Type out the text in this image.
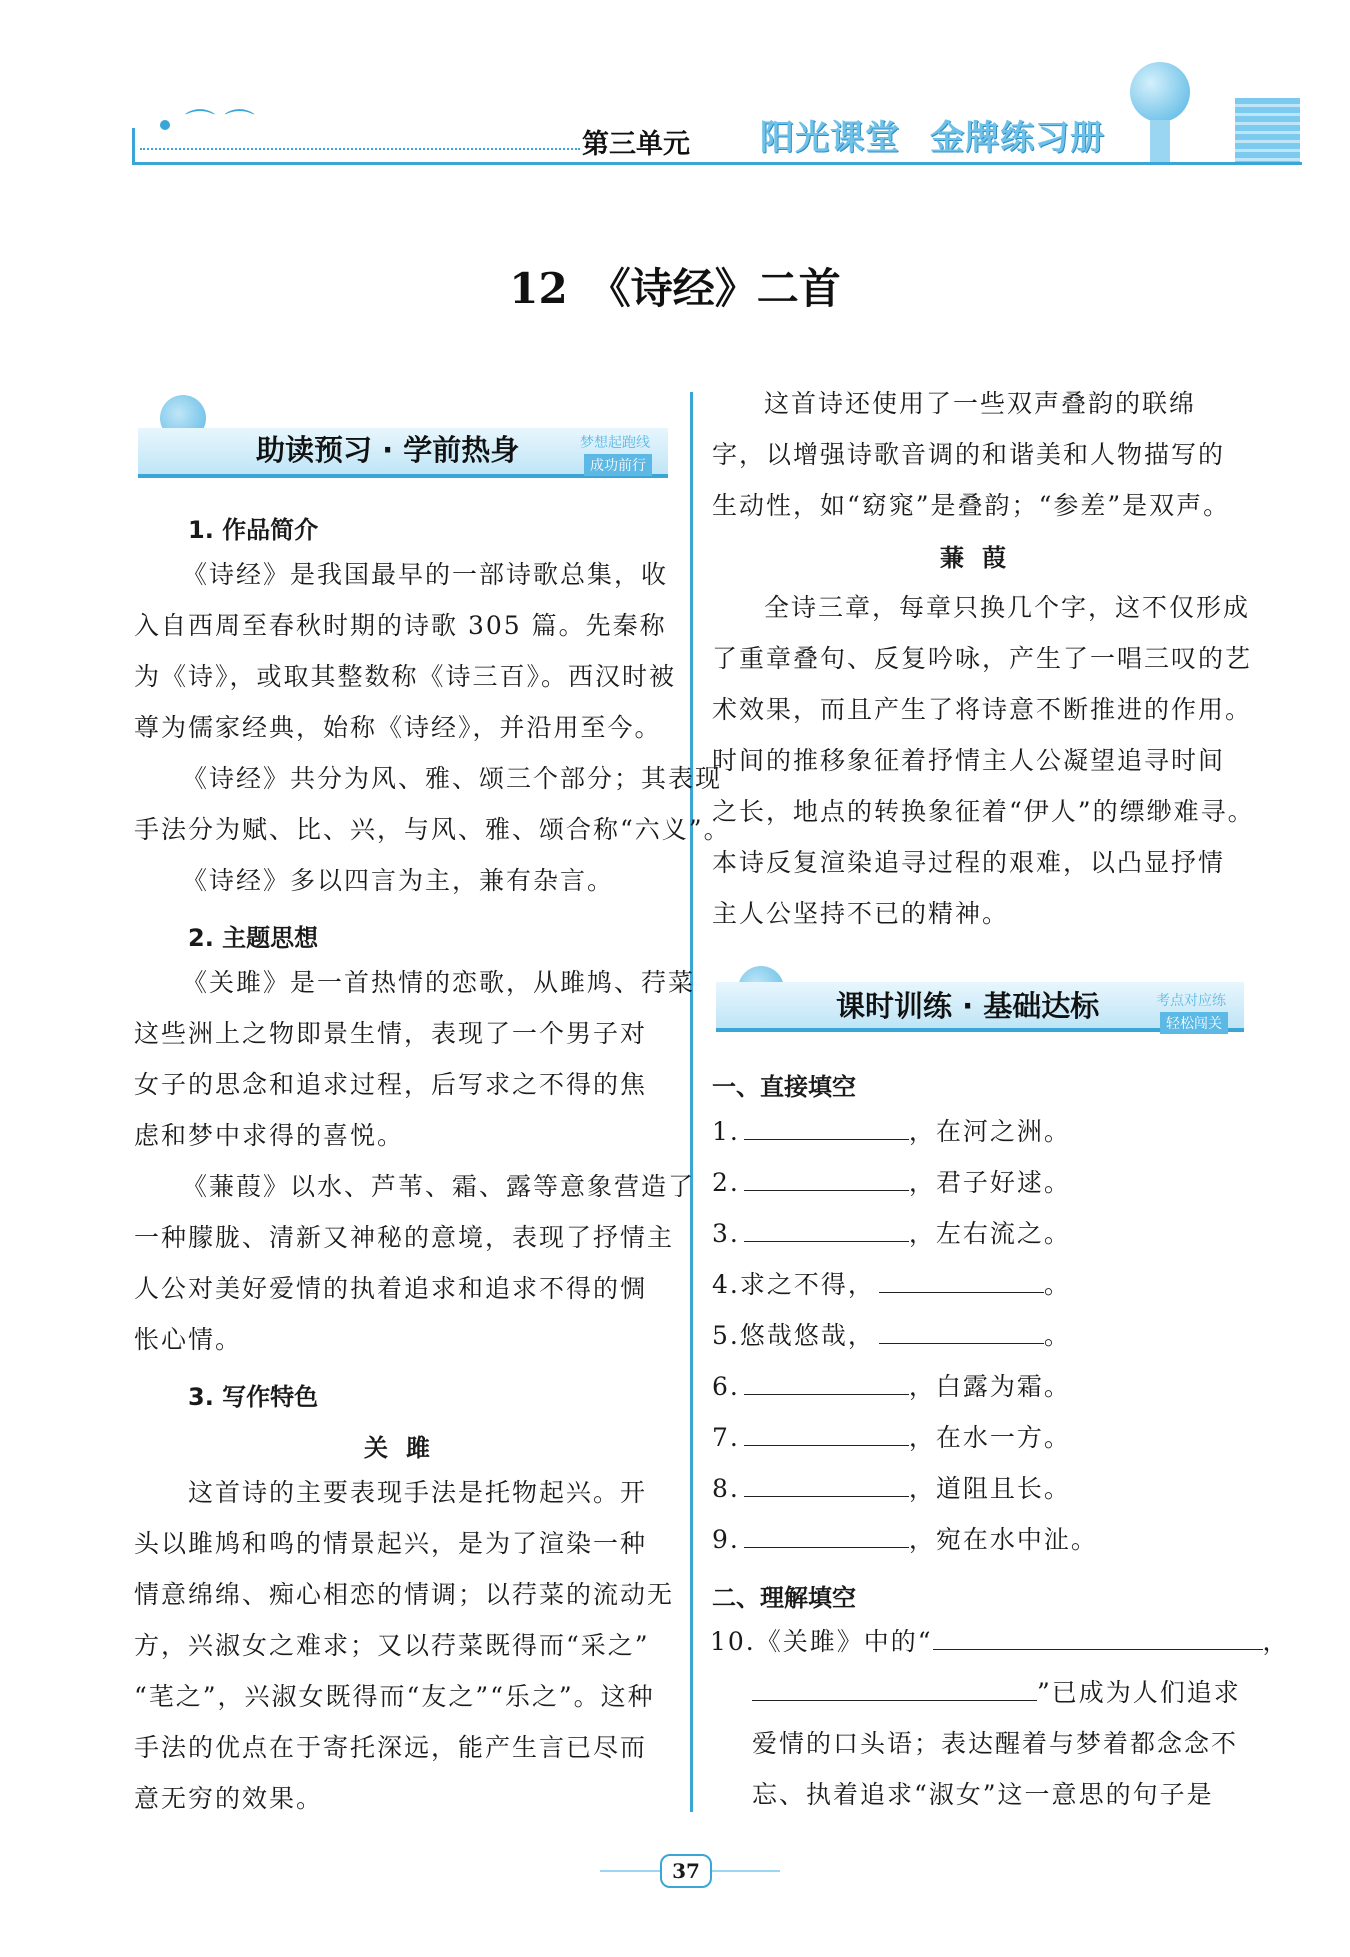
⌒ ⌒
第三单元 阳光课堂 金牌练习册
12　《诗经》二首
助读预习 · 学前热身	梦想起跑线
成功前行
1. 作品简介
《诗经》是我国最早的一部诗歌总集，收
入自西周至春秋时期的诗歌 305 篇。先秦称
为《诗》，或取其整数称《诗三百》。西汉时被
尊为儒家经典，始称《诗经》，并沿用至今。
《诗经》共分为风、雅、颂三个部分；其表现
手法分为赋、比、兴，与风、雅、颂合称“六义”。
《诗经》多以四言为主，兼有杂言。
2. 主题思想
《关雎》是一首热情的恋歌，从雎鸠、荇菜
这些洲上之物即景生情，表现了一个男子对
女子的思念和追求过程，后写求之不得的焦
虑和梦中求得的喜悦。
《蒹葭》以水、芦苇、霜、露等意象营造了
一种朦胧、清新又神秘的意境，表现了抒情主
人公对美好爱情的执着追求和追求不得的惆
怅心情。
3. 写作特色
关雎
这首诗的主要表现手法是托物起兴。开
头以雎鸠和鸣的情景起兴，是为了渲染一种
情意绵绵、痴心相恋的情调；以荇菜的流动无
方，兴淑女之难求；又以荇菜既得而“采之”
“芼之”，兴淑女既得而“友之”“乐之”。这种
手法的优点在于寄托深远，能产生言已尽而
意无穷的效果。
这首诗还使用了一些双声叠韵的联绵
字，以增强诗歌音调的和谐美和人物描写的
生动性，如“窈窕”是叠韵；“参差”是双声。
蒹葭
全诗三章，每章只换几个字，这不仅形成
了重章叠句、反复吟咏，产生了一唱三叹的艺
术效果，而且产生了将诗意不断推进的作用。
时间的推移象征着抒情主人公凝望追寻时间
之长，地点的转换象征着“伊人”的缥缈难寻。
本诗反复渲染追寻过程的艰难，以凸显抒情
主人公坚持不已的精神。
课时训练 · 基础达标	考点对应练
轻松闯关
一、直接填空
1.	，在河之洲。
2.	，君子好逑。
3.	，左右流之。
4.求之不得，	。
5.悠哉悠哉，	。
6.	，白露为霜。
7.	，在水一方。
8.	，道阻且长。
9.	，宛在水中沚。
二、理解填空
10.《关雎》中的“	，
”已成为人们追求
爱情的口头语；表达醒着与梦着都念念不
忘、执着追求“淑女”这一意思的句子是
37
